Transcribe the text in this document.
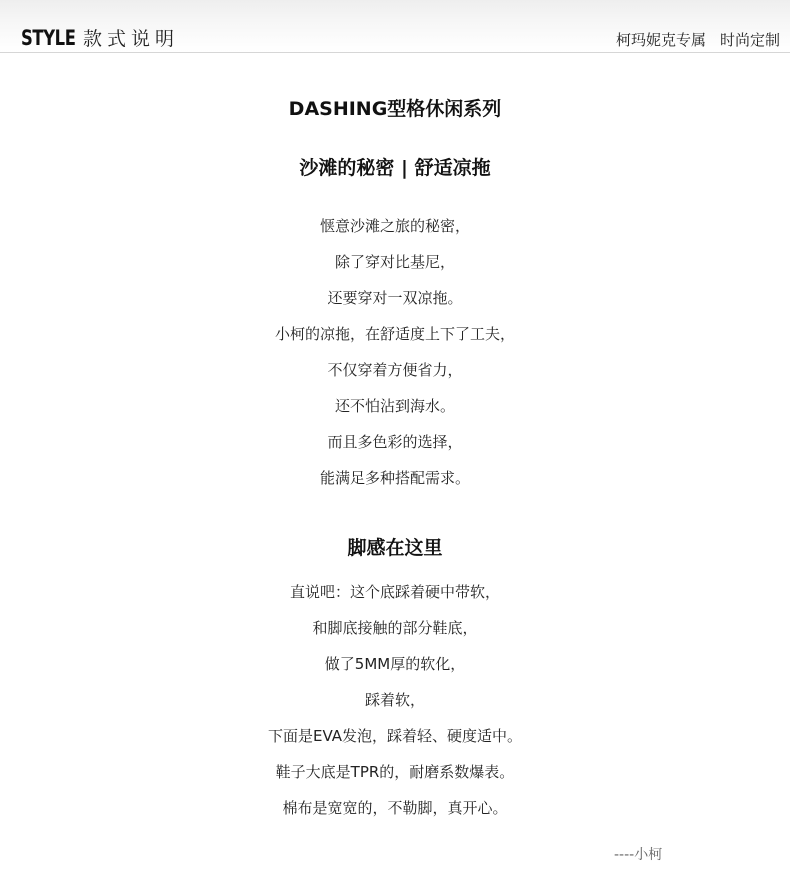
STYLE 款式说明	柯玛妮克专属 时尚定制
DASHING型格休闲系列
沙滩的秘密 | 舒适凉拖
惬意沙滩之旅的秘密，
除了穿对比基尼，
还要穿对一双凉拖。
小柯的凉拖，在舒适度上下了工夫，
不仅穿着方便省力，
还不怕沾到海水。
而且多色彩的选择，
能满足多种搭配需求。
脚感在这里
直说吧：这个底踩着硬中带软，
和脚底接触的部分鞋底，
做了5MM厚的软化，
踩着软，
下面是EVA发泡，踩着轻、硬度适中。
鞋子大底是TPR的，耐磨系数爆表。
棉布是宽宽的，不勒脚，真开心。
----小柯
